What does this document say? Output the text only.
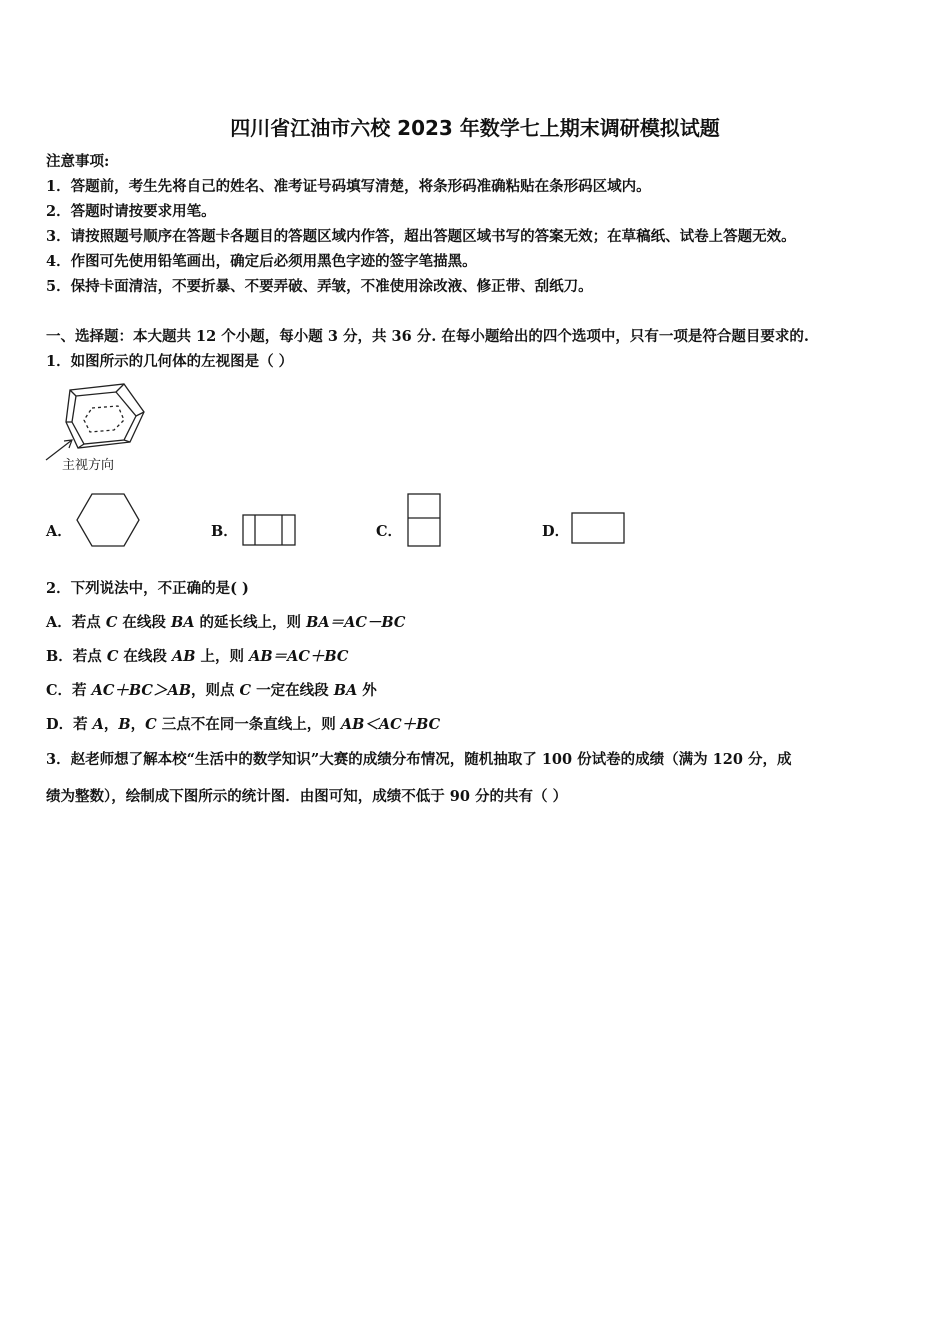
四川省江油市六校 2023 年数学七上期末调研模拟试题
注意事项:
1．答题前，考生先将自己的姓名、准考证号码填写清楚，将条形码准确粘贴在条形码区域内。
2．答题时请按要求用笔。
3．请按照题号顺序在答题卡各题目的答题区域内作答，超出答题区域书写的答案无效；在草稿纸、试卷上答题无效。
4．作图可先使用铅笔画出，确定后必须用黑色字迹的签字笔描黑。
5．保持卡面清洁，不要折暴、不要弄破、弄皱，不准使用涂改液、修正带、刮纸刀。
一、选择题：本大题共 12 个小题，每小题 3 分，共 36 分. 在每小题给出的四个选项中，只有一项是符合题目要求的.
1．如图所示的几何体的左视图是（ ）
主视方向
A．	B．	C．	D．
2．下列说法中，不正确的是( )
A．若点 C 在线段 BA 的延长线上，则 BA＝AC－BC
B．若点 C 在线段 AB 上，则 AB＝AC＋BC
C．若 AC＋BC＞AB，则点 C 一定在线段 BA 外
D．若 A，B，C 三点不在同一条直线上，则 AB＜AC＋BC
3．赵老师想了解本校“生活中的数学知识”大赛的成绩分布情况，随机抽取了 100 份试卷的成绩（满为 120 分，成
绩为整数），绘制成下图所示的统计图．由图可知，成绩不低于 90 分的共有（ ）
